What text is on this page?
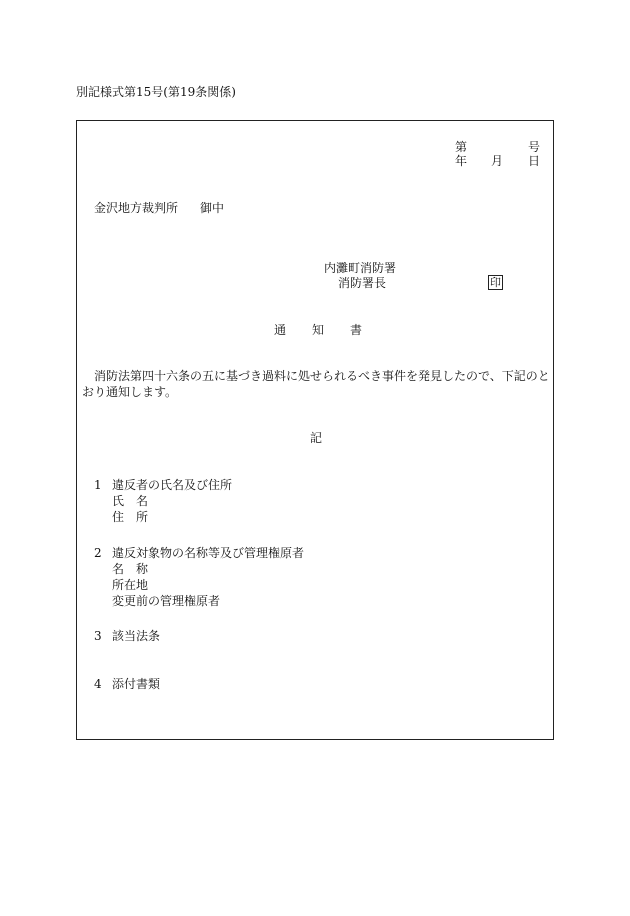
別記様式第15号(第19条関係)
第	号
年 月 日
金沢地方裁判所 御中
内灘町消防署
消防署長	印
通 知 書
消防法第四十六条の五に基づき過料に処せられるべき事件を発見したので、下記のと
おり通知します。
記
1 違反者の氏名及び住所
氏　名
住　所
2 違反対象物の名称等及び管理権原者
名　称
所在地
変更前の管理権原者
3 該当法条
4 添付書類
